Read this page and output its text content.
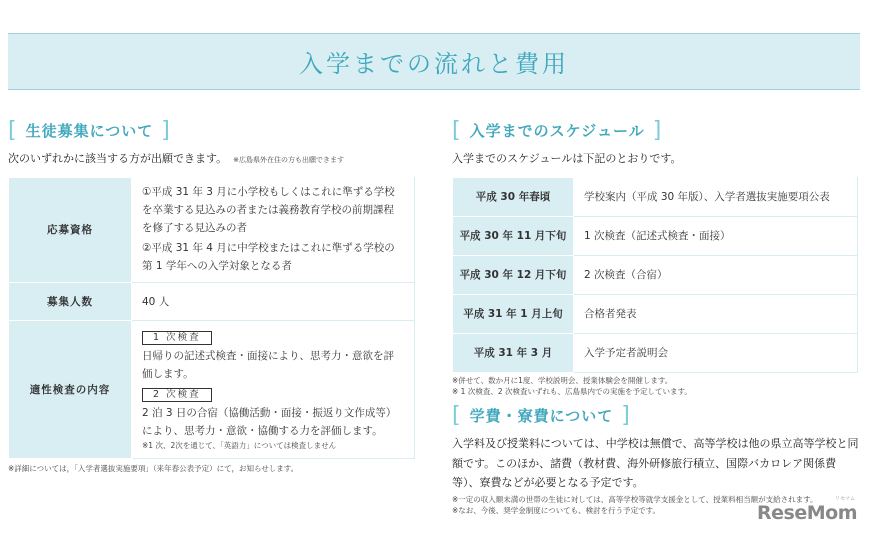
入学までの流れと費用
[ 生徒募集について ]
次のいずれかに該当する方が出願できます。 ※広島県外在住の方も出願できます
応募資格	①平成 31 年 3 月に小学校もしくはこれに準ずる学校を卒業する見込みの者または義務教育学校の前期課程を修了する見込みの者
②平成 31 年 4 月に中学校またはこれに準ずる学校の第 1 学年への入学対象となる者

募集人数	40 人
適性検査の内容	1 次検査
日帰りの記述式検査・面接により、思考力・意欲を評価します。
2 次検査
2 泊 3 日の合宿（協働活動・面接・振返り文作成等）により、思考力・意欲・協働する力を評価します。
※1 次、2次を通じて、「英語力」については検査しません
※詳細については，「入学者選抜実施要項」（来年春公表予定）にて，お知らせします。
[ 入学までのスケジュール ]
入学までのスケジュールは下記のとおりです。
平成 30 年春頃	学校案内（平成 30 年版）、入学者選抜実施要項公表
平成 30 年 11 月下旬	1 次検査（記述式検査・面接）
平成 30 年 12 月下旬	2 次検査（合宿）
平成 31 年 1 月上旬	合格者発表
平成 31 年 3 月	入学予定者説明会
※併せて、数か月に1度、学校説明会、授業体験会を開催します。
※ 1 次検査、2 次検査いずれも、広島県内での実施を予定しています。
[ 学費・寮費について ]
入学料及び授業料については、中学校は無償で、高等学校は他の県立高等学校と同額です。このほか、諸費（教材費、海外研修旅行積立、国際バカロレア関係費等）、寮費などが必要となる予定です。
※一定の収入額未満の世帯の生徒に対しては、高等学校等就学支援金として、授業料相当額が支給されます。
※なお、今後、奨学金制度についても、検討を行う予定です。
リセマム
ReseMom
